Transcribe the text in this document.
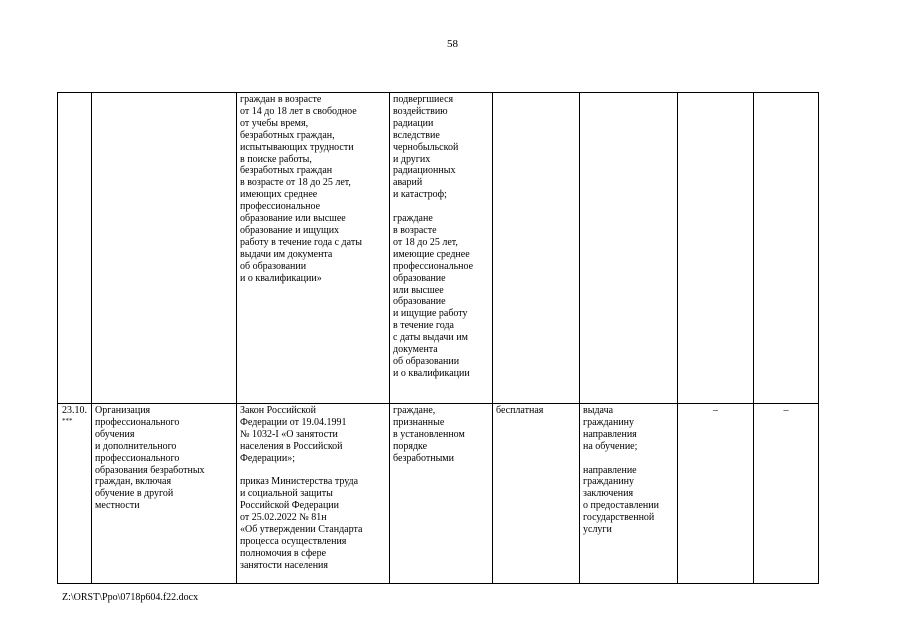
58

граждан в возрасте
от 14 до 18 лет в свободное
от учебы время,
безработных граждан,
испытывающих трудности
в поиске работы,
безработных граждан
в возрасте от 18 до 25 лет,
имеющих среднее
профессиональное
образование или высшее
образование и ищущих
работу в течение года с даты
выдачи им документа
об образовании
и о квалификации»
подвергшиеся
воздействию
радиации
вследствие
чернобыльской
и других
радиационных
аварий
и катастроф;

граждане
в возрасте
от 18 до 25 лет,
имеющие среднее
профессиональное
образование
или высшее
образование
и ищущие работу
в течение года
с даты выдачи им
документа
об образовании
и о квалификации
23.10.
***
Организация
профессионального
обучения
и дополнительного
профессионального
образования безработных
граждан, включая
обучение в другой
местности
Закон Российской
Федерации от 19.04.1991
№ 1032-I «О занятости
населения в Российской
Федерации»;

приказ Министерства труда
и социальной защиты
Российской Федерации
от 25.02.2022 № 81н
«Об утверждении Стандарта
процесса осуществления
полномочия в сфере
занятости населения
граждане,
признанные
в установленном
порядке
безработными
бесплатная	выдача
гражданину
направления
на обучение;

направление
гражданину
заключения
о предоставлении
государственной
услуги
–	–
Z:\ORST\Ppo\0718p604.f22.docx
